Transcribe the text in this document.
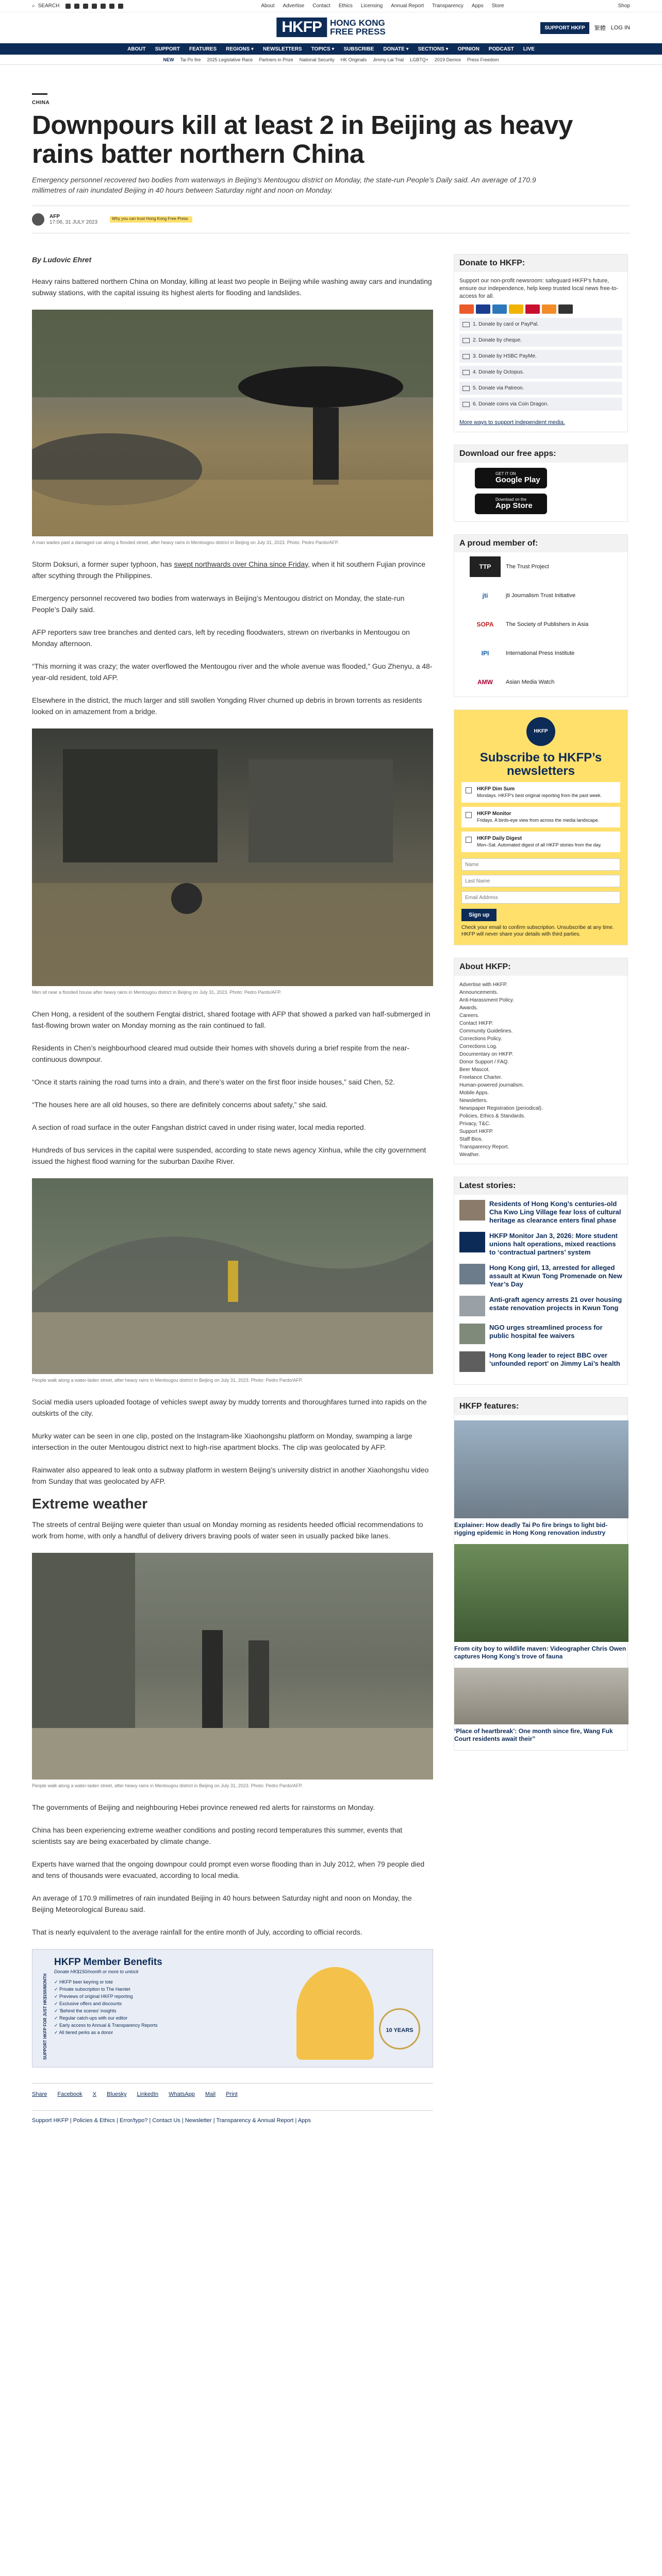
⌕ SEARCH	About Advertise Contact Ethics Licensing Annual Report Transparency Apps Store	Shop
HKFP HONG KONG
FREE PRESS	SUPPORT HKFP	繁體 LOG IN
ABOUT SUPPORT FEATURES REGIONS ▾ NEWSLETTERS TOPICS ▾ SUBSCRIBE DONATE ▾ SECTIONS ▾ OPINION PODCAST LIVE
NEW Tai Po fire 2025 Legislative Race Partners in Prize National Security HK Originals Jimmy Lai Trial LGBTQ+ 2019 Demos Press Freedom
CHINA
Downpours kill at least 2 in Beijing as heavy rains batter northern China
Emergency personnel recovered two bodies from waterways in Beijing’s Mentougou district on Monday, the state-run People’s Daily said. An average of 170.9 millimetres of rain inundated Beijing in 40 hours between Saturday night and noon on Monday.
AFP
17:06, 31 JULY 2023
Why you can trust Hong Kong Free Press
By Ludovic Ehret

Heavy rains battered northern China on Monday, killing at least two people in Beijing while washing away cars and inundating subway stations, with the capital issuing its highest alerts for flooding and landslides.

A man wades past a damaged car along a flooded street, after heavy rains in Mentougou district in Beijing on July 31, 2023. Photo: Pedro Pardo/AFP.

Storm Doksuri, a former super typhoon, has swept northwards over China since Friday, when it hit southern Fujian province after scything through the Philippines.

Emergency personnel recovered two bodies from waterways in Beijing’s Mentougou district on Monday, the state-run People’s Daily said.

AFP reporters saw tree branches and dented cars, left by receding floodwaters, strewn on riverbanks in Mentougou on Monday afternoon.

“This morning it was crazy; the water overflowed the Mentougou river and the whole avenue was flooded,” Guo Zhenyu, a 48-year-old resident, told AFP.

Elsewhere in the district, the much larger and still swollen Yongding River churned up debris in brown torrents as residents looked on in amazement from a bridge.

Men sit near a flooded house after heavy rains in Mentougou district in Beijing on July 31, 2023. Photo: Pedro Pardo/AFP.

Chen Hong, a resident of the southern Fengtai district, shared footage with AFP that showed a parked van half-submerged in fast-flowing brown water on Monday morning as the rain continued to fall.

Residents in Chen’s neighbourhood cleared mud outside their homes with shovels during a brief respite from the near-continuous downpour.

“Once it starts raining the road turns into a drain, and there’s water on the first floor inside houses,” said Chen, 52.

“The houses here are all old houses, so there are definitely concerns about safety,” she said.

A section of road surface in the outer Fangshan district caved in under rising water, local media reported.

Hundreds of bus services in the capital were suspended, according to state news agency Xinhua, while the city government issued the highest flood warning for the suburban Daxihe River.

People walk along a water-laden street, after heavy rains in Mentougou district in Beijing on July 31, 2023. Photo: Pedro Pardo/AFP.

Social media users uploaded footage of vehicles swept away by muddy torrents and thoroughfares turned into rapids on the outskirts of the city.

Murky water can be seen in one clip, posted on the Instagram-like Xiaohongshu platform on Monday, swamping a large intersection in the outer Mentougou district next to high-rise apartment blocks. The clip was geolocated by AFP.

Rainwater also appeared to leak onto a subway platform in western Beijing’s university district in another Xiaohongshu video from Sunday that was geolocated by AFP.

Extreme weather

The streets of central Beijing were quieter than usual on Monday morning as residents heeded official recommendations to work from home, with only a handful of delivery drivers braving pools of water seen in usually packed bike lanes.

People walk along a water-laden street, after heavy rains in Mentougou district in Beijing on July 31, 2023. Photo: Pedro Pardo/AFP.

The governments of Beijing and neighbouring Hebei province renewed red alerts for rainstorms on Monday.

China has been experiencing extreme weather conditions and posting record temperatures this summer, events that scientists say are being exacerbated by climate change.

Experts have warned that the ongoing downpour could prompt even worse flooding than in July 2012, when 79 people died and tens of thousands were evacuated, according to local media.

An average of 170.9 millimetres of rain inundated Beijing in 40 hours between Saturday night and noon on Monday, the Beijing Meteorological Bureau said.

That is nearly equivalent to the average rainfall for the entire month of July, according to official records.

SUPPORT HKFP FOR JUST HK$150/MONTH
HKFP Member Benefits
Donate HK$150/month or more to unlock
✓ HKFP beer keyring or tote
✓ Private subscription to The Hamlet
✓ Previews of original HKFP reporting
✓ Exclusive offers and discounts
✓ 'Behind the scenes' insights
✓ Regular catch-ups with our editor
✓ Early access to Annual & Transparency Reports
✓ All tiered perks as a donor	10 YEARS
Share Facebook X Bluesky LinkedIn WhatsApp Mail Print
Support HKFP | Policies & Ethics | Error/typo? | Contact Us | Newsletter | Transparency & Annual Report | Apps
Donate to HKFP:
Support our non-profit newsroom: safeguard HKFP’s future, ensure our independence, help keep trusted local news free-to-access for all.
1. Donate by card or PayPal.
2. Donate by cheque.
3. Donate by HSBC PayMe.
4. Donate by Octopus.
5. Donate via Patreon.
6. Donate coins via Coin Dragon.
More ways to support independent media.
Download our free apps:
GET IT ON
Google Play
Download on the
App Store
A proud member of:
TTP	The Trust Project
jti	jti Journalism Trust Initiative
SOPA	The Society of Publishers in Asia
IPI	International Press Institute
AMW	Asian Media Watch
HKFP
Subscribe to HKFP’s newsletters
HKFP Dim Sum
Mondays. HKFP's best original reporting from the past week.
HKFP Monitor
Fridays. A birds-eye view from across the media landscape.
HKFP Daily Digest
Mon–Sat. Automated digest of all HKFP stories from the day.
Name Last Name Email Address
Sign up
Check your email to confirm subscription. Unsubscribe at any time. HKFP will never share your details with third parties.
About HKFP:
Advertise with HKFP.
Announcements.
Anti-Harassment Policy.
Awards.
Careers.
Contact HKFP.
Community Guidelines.
Corrections Policy.
Corrections Log.
Documentary on HKFP.
Donor Support / FAQ.
Beer Mascot.
Freelance Charter.
Human-powered journalism.
Mobile Apps.
Newsletters.
Newspaper Registration (periodical).
Policies, Ethics & Standards.
Privacy, T&C.
Support HKFP.
Staff Bios.
Transparency Report.
Weather.
Latest stories:
Residents of Hong Kong’s centuries-old Cha Kwo Ling Village fear loss of cultural heritage as clearance enters final phase
HKFP Monitor Jan 3, 2026: More student unions halt operations, mixed reactions to ‘contractual partners’ system
Hong Kong girl, 13, arrested for alleged assault at Kwun Tong Promenade on New Year’s Day
Anti-graft agency arrests 21 over housing estate renovation projects in Kwun Tong
NGO urges streamlined process for public hospital fee waivers
Hong Kong leader to reject BBC over ‘unfounded report’ on Jimmy Lai’s health
HKFP features:
Explainer: How deadly Tai Po fire brings to light bid-rigging epidemic in Hong Kong renovation industry
From city boy to wildlife maven: Videographer Chris Owen captures Hong Kong’s trove of fauna
‘Place of heartbreak’: One month since fire, Wang Fuk Court residents await their”
